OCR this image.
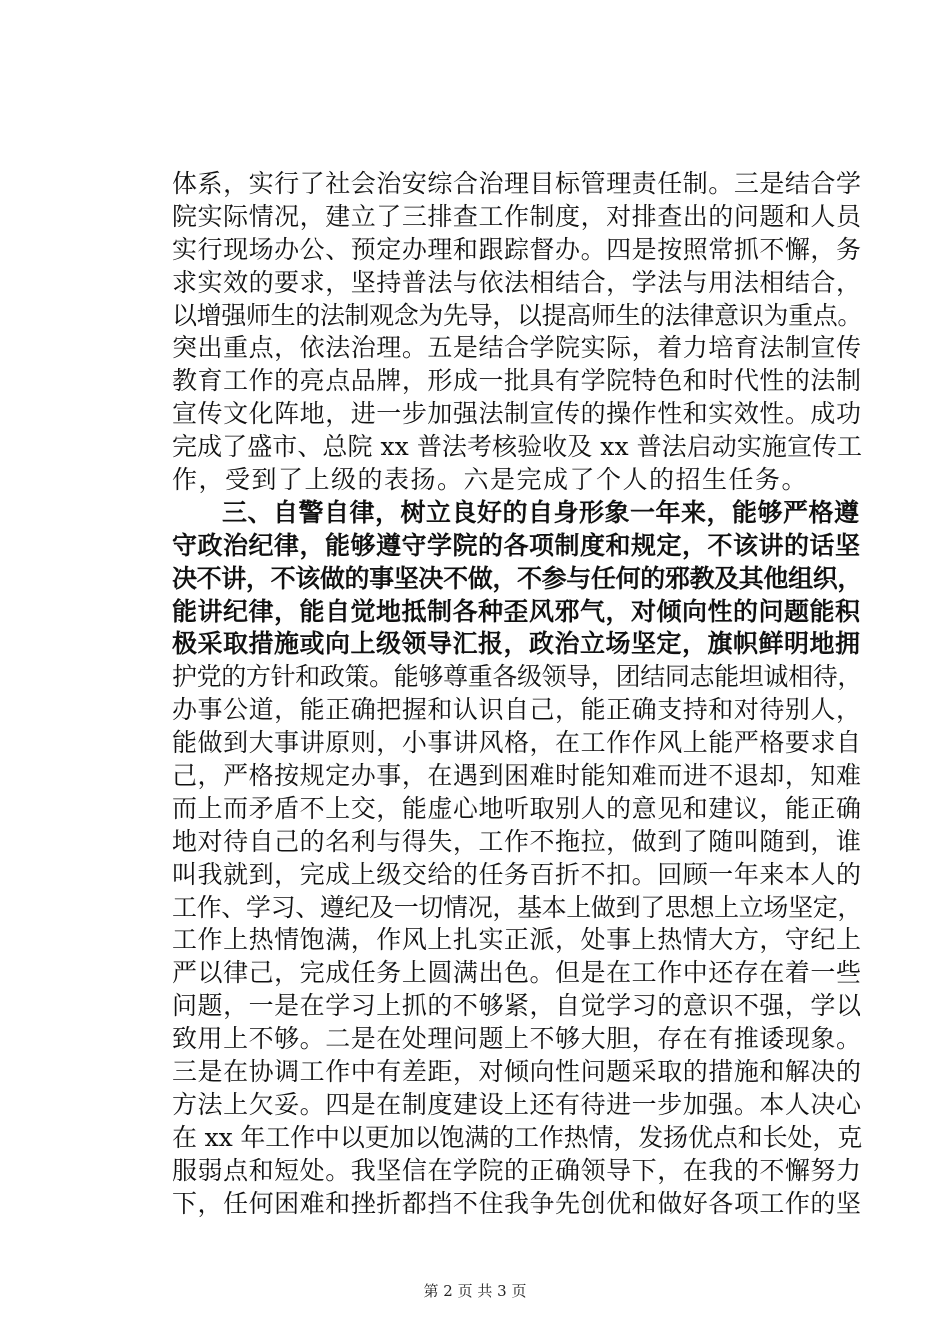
体系，实行了社会治安综合治理目标管理责任制。三是结合学
院实际情况，建立了三排查工作制度，对排查出的问题和人员
实行现场办公、预定办理和跟踪督办。四是按照常抓不懈，务
求实效的要求，坚持普法与依法相结合，学法与用法相结合，
以增强师生的法制观念为先导，以提高师生的法律意识为重点。
突出重点，依法治理。五是结合学院实际，着力培育法制宣传
教育工作的亮点品牌，形成一批具有学院特色和时代性的法制
宣传文化阵地，进一步加强法制宣传的操作性和实效性。成功
完成了盛市、总院 xx 普法考核验收及 xx 普法启动实施宣传工
作，受到了上级的表扬。六是完成了个人的招生任务。
三、自警自律，树立良好的自身形象一年来，能够严格遵
守政治纪律，能够遵守学院的各项制度和规定，不该讲的话坚
决不讲，不该做的事坚决不做，不参与任何的邪教及其他组织，
能讲纪律，能自觉地抵制各种歪风邪气，对倾向性的问题能积
极采取措施或向上级领导汇报，政治立场坚定，旗帜鲜明地拥
护党的方针和政策。能够尊重各级领导，团结同志能坦诚相待，
办事公道，能正确把握和认识自己，能正确支持和对待别人，
能做到大事讲原则，小事讲风格，在工作作风上能严格要求自
己，严格按规定办事，在遇到困难时能知难而进不退却，知难
而上而矛盾不上交，能虚心地听取别人的意见和建议，能正确
地对待自己的名利与得失，工作不拖拉，做到了随叫随到，谁
叫我就到，完成上级交给的任务百折不扣。回顾一年来本人的
工作、学习、遵纪及一切情况，基本上做到了思想上立场坚定，
工作上热情饱满，作风上扎实正派，处事上热情大方，守纪上
严以律己，完成任务上圆满出色。但是在工作中还存在着一些
问题，一是在学习上抓的不够紧，自觉学习的意识不强，学以
致用上不够。二是在处理问题上不够大胆，存在有推诿现象。
三是在协调工作中有差距，对倾向性问题采取的措施和解决的
方法上欠妥。四是在制度建设上还有待进一步加强。本人决心
在 xx 年工作中以更加以饱满的工作热情，发扬优点和长处，克
服弱点和短处。我坚信在学院的正确领导下，在我的不懈努力
下，任何困难和挫折都挡不住我争先创优和做好各项工作的坚
第 2 页 共 3 页
